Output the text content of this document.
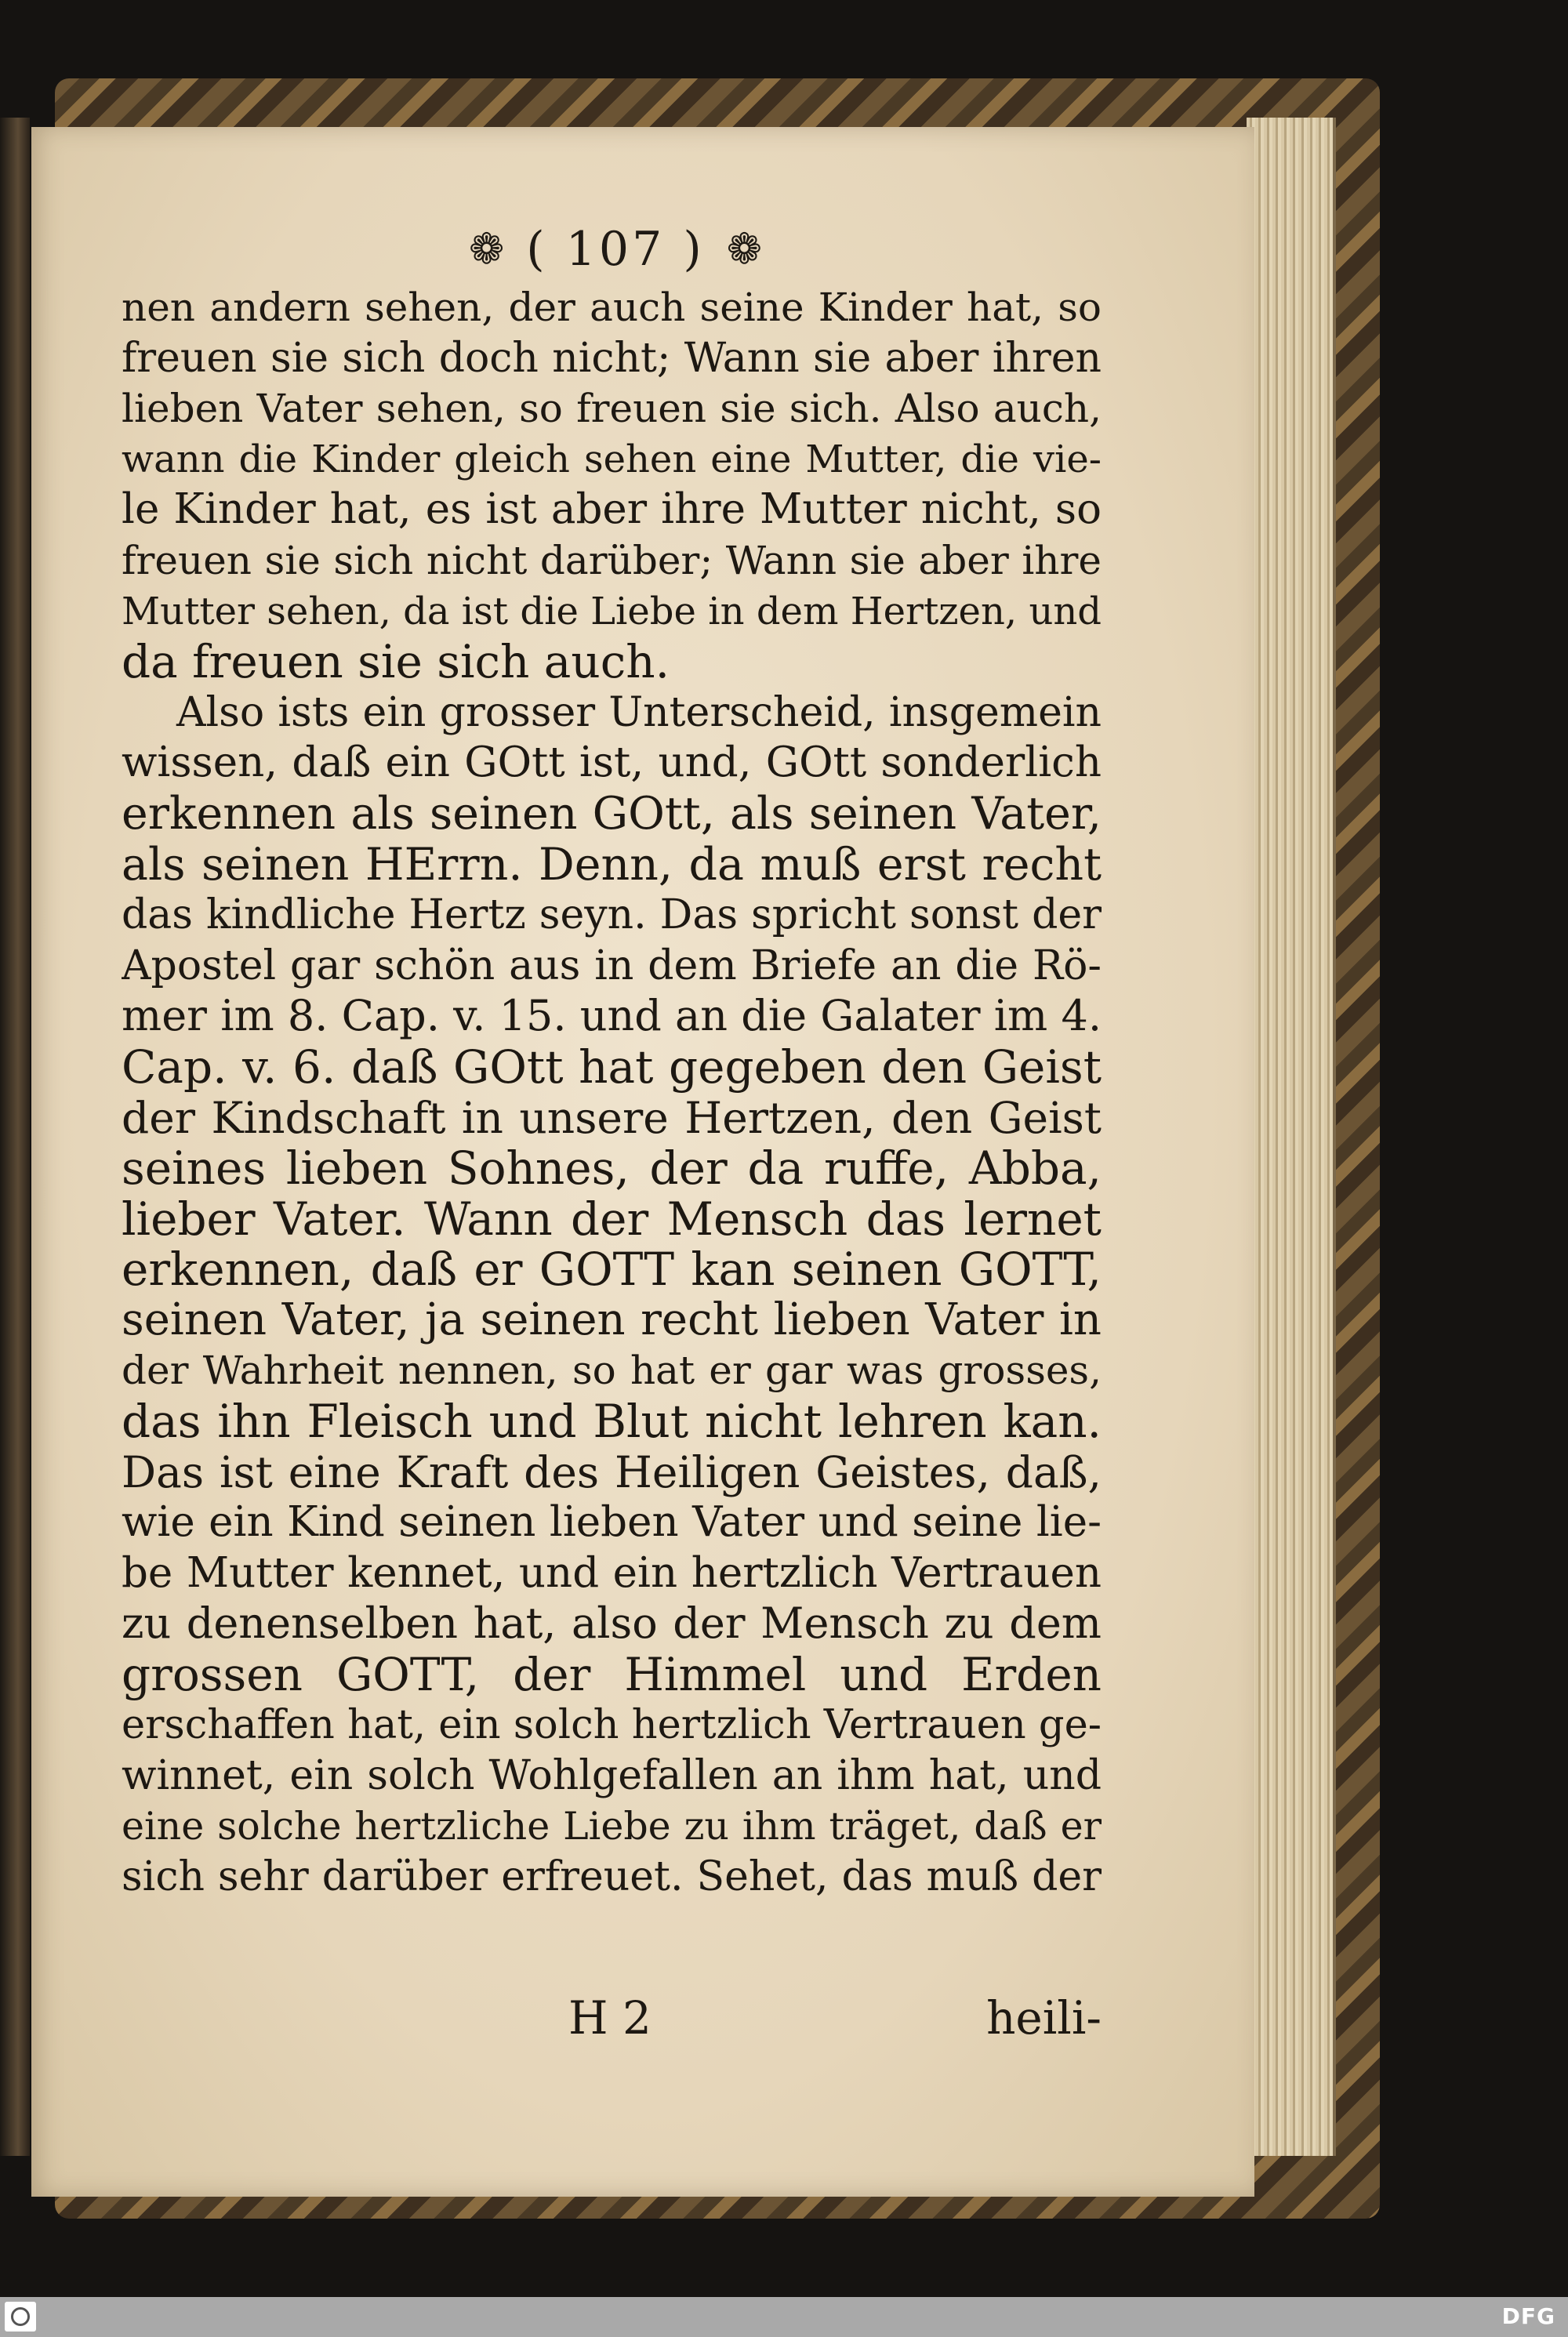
❁ ( 107 ) ❁
nen andern sehen, der auch seine Kinder hat, so
freuen sie sich doch nicht; Wann sie aber ihren
lieben Vater sehen, so freuen sie sich. Also auch,
wann die Kinder gleich sehen eine Mutter, die vie-
le Kinder hat, es ist aber ihre Mutter nicht, so
freuen sie sich nicht darüber; Wann sie aber ihre
Mutter sehen, da ist die Liebe in dem Hertzen, und
da freuen sie sich auch.
Also ists ein grosser Unterscheid, insgemein
wissen, daß ein GOtt ist, und, GOtt sonderlich
erkennen als seinen GOtt, als seinen Vater,
als seinen HErrn. Denn, da muß erst recht
das kindliche Hertz seyn. Das spricht sonst der
Apostel gar schön aus in dem Briefe an die Rö-
mer im 8. Cap. v. 15. und an die Galater im 4.
Cap. v. 6. daß GOtt hat gegeben den Geist
der Kindschaft in unsere Hertzen, den Geist
seines lieben Sohnes, der da ruffe, Abba,
lieber Vater. Wann der Mensch das lernet
erkennen, daß er GOTT kan seinen GOTT,
seinen Vater, ja seinen recht lieben Vater in
der Wahrheit nennen, so hat er gar was grosses,
das ihn Fleisch und Blut nicht lehren kan.
Das ist eine Kraft des Heiligen Geistes, daß,
wie ein Kind seinen lieben Vater und seine lie-
be Mutter kennet, und ein hertzlich Vertrauen
zu denenselben hat, also der Mensch zu dem
grossen GOTT, der Himmel und Erden
erschaffen hat, ein solch hertzlich Vertrauen ge-
winnet, ein solch Wohlgefallen an ihm hat, und
eine solche hertzliche Liebe zu ihm träget, daß er
sich sehr darüber erfreuet. Sehet, das muß der
H 2	heili-
DFG
